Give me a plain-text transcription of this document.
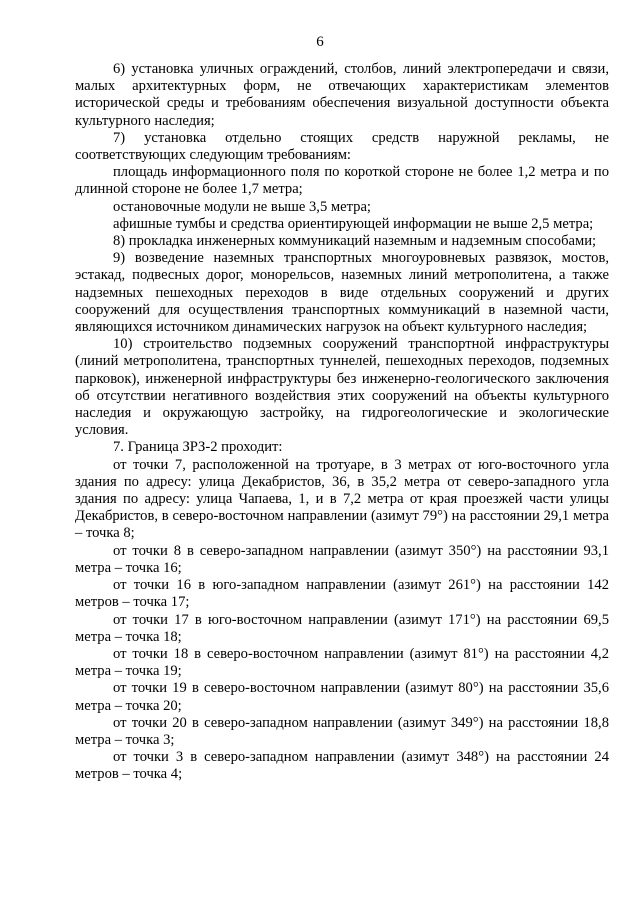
6

6) установка уличных ограждений, столбов, линий электропередачи и связи, малых архитектурных форм, не отвечающих характеристикам элементов исторической среды и требованиям обеспечения визуальной доступности объекта культурного наследия;

7) установка отдельно стоящих средств наружной рекламы, не соответствующих следующим требованиям:

площадь информационного поля по короткой стороне не более 1,2 метра и по длинной стороне не более 1,7 метра;

остановочные модули не выше 3,5 метра;

афишные тумбы и средства ориентирующей информации не выше 2,5 метра;

8) прокладка инженерных коммуникаций наземным и надземным способами;

9) возведение наземных транспортных многоуровневых развязок, мостов, эстакад, подвесных дорог, монорельсов, наземных линий метрополитена, а также надземных пешеходных переходов в виде отдельных сооружений и других сооружений для осуществления транспортных коммуникаций в наземной части, являющихся источником динамических нагрузок на объект культурного наследия;

10) строительство подземных сооружений транспортной инфраструктуры (линий метрополитена, транспортных туннелей, пешеходных переходов, подземных парковок), инженерной инфраструктуры без инженерно-геологического заключения об отсутствии негативного воздействия этих сооружений на объекты культурного наследия и окружающую застройку, на гидрогеологические и экологические условия.

7. Граница ЗРЗ-2 проходит:

от точки 7, расположенной на тротуаре, в 3 метрах от юго-восточного угла здания по адресу: улица Декабристов, 36, в 35,2 метра от северо-западного угла здания по адресу: улица Чапаева, 1, и в 7,2 метра от края проезжей части улицы Декабристов, в северо-восточном направлении (азимут 79°) на расстоянии 29,1 метра – точка 8;

от точки 8 в северо-западном направлении (азимут 350°) на расстоянии 93,1 метра – точка 16;

от точки 16 в юго-западном направлении (азимут 261°) на расстоянии 142 метров – точка 17;

от точки 17 в юго-восточном направлении (азимут 171°) на расстоянии 69,5 метра – точка 18;

от точки 18 в северо-восточном направлении (азимут 81°) на расстоянии 4,2 метра – точка 19;

от точки 19 в северо-восточном направлении (азимут 80°) на расстоянии 35,6 метра – точка 20;

от точки 20 в северо-западном направлении (азимут 349°) на расстоянии 18,8 метра – точка 3;

от точки 3 в северо-западном направлении (азимут 348°) на расстоянии 24 метров – точка 4;
